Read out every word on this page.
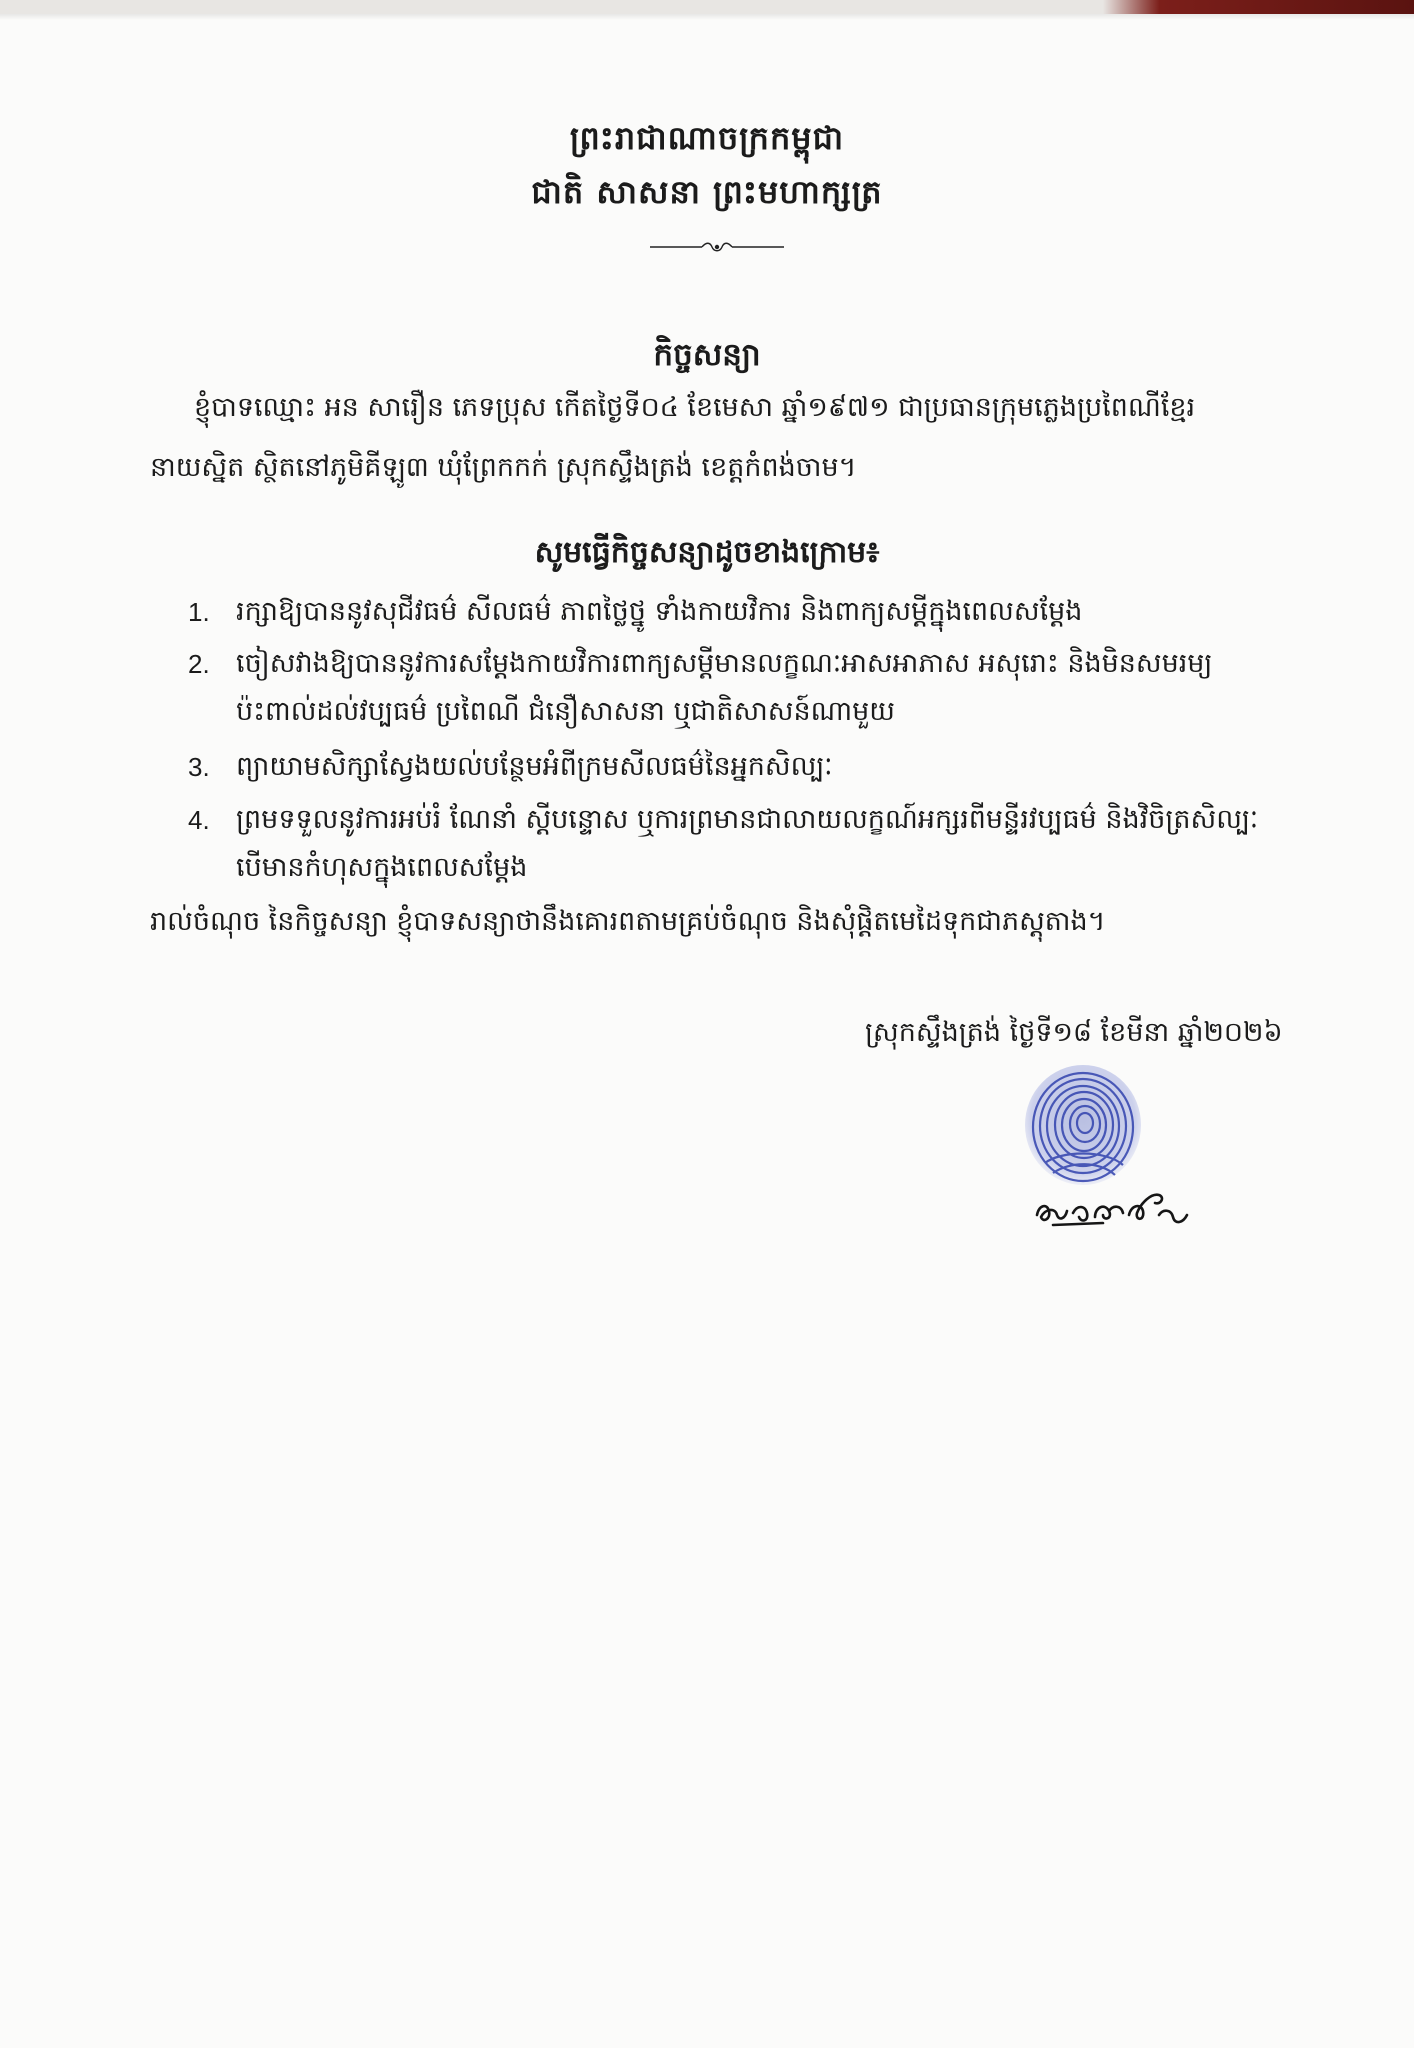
ព្រះរាជាណាចក្រកម្ពុជា
ជាតិ សាសនា ព្រះមហាក្សត្រ
កិច្ចសន្យា
ខ្ញុំបាទឈ្មោះ អន សារឿន ភេទប្រុស កើតថ្ងៃទី០៤ ខែមេសា ឆ្នាំ១៩៧១ ជាប្រធានក្រុមភ្លេងប្រពៃណីខ្មែរ
នាយស្និត ស្ថិតនៅភូមិគីឡូ៣ ឃុំព្រែកកក់ ស្រុកស្ទឹងត្រង់ ខេត្តកំពង់ចាម។
សូមធ្វើកិច្ចសន្យាដូចខាងក្រោម៖
1. រក្សាឱ្យបាននូវសុជីវធម៌ សីលធម៌ ភាពថ្លៃថ្នូ ទាំងកាយវិការ និងពាក្យសម្តីក្នុងពេលសម្តែង
2. ចៀសវាងឱ្យបាននូវការសម្តែងកាយវិការពាក្យសម្តីមានលក្ខណៈអាសអាភាស អសុរោះ និងមិនសមរម្យ
ប៉ះពាល់ដល់វប្បធម៌ ប្រពៃណី ជំនឿសាសនា ឬជាតិសាសន៍ណាមួយ
3. ព្យាយាមសិក្សាស្វែងយល់បន្ថែមអំពីក្រមសីលធម៌នៃអ្នកសិល្បៈ
4. ព្រមទទួលនូវការអប់រំ ណែនាំ ស្តីបន្ទោស ឬការព្រមានជាលាយលក្ខណ៍អក្សរពីមន្ទីរវប្បធម៌ និងវិចិត្រសិល្បៈ
បើមានកំហុសក្នុងពេលសម្តែង
រាល់ចំណុច នៃកិច្ចសន្យា ខ្ញុំបាទសន្យាថានឹងគោរពតាមគ្រប់ចំណុច និងសុំផ្តិតមេដៃទុកជាភស្តុតាង។
ស្រុកស្ទឹងត្រង់ ថ្ងៃទី១៨ ខែមីនា ឆ្នាំ២០២៦
